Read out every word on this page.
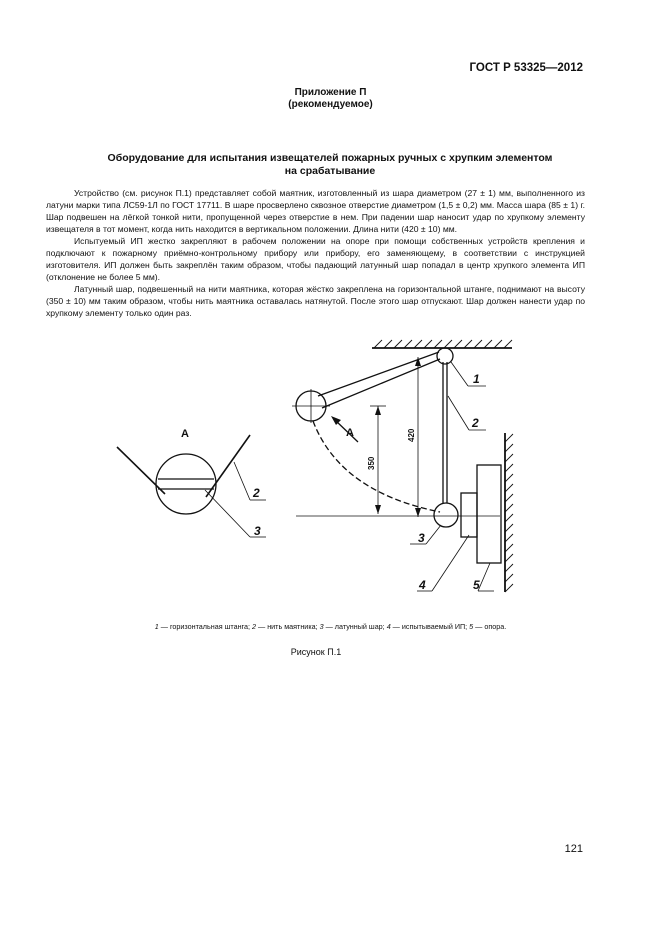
ГОСТ Р 53325—2012
Приложение П
(рекомендуемое)
Оборудование для испытания извещателей пожарных ручных с хрупким элементом
на срабатывание

Устройство (см. рисунок П.1) представляет собой маятник, изготовленный из шара диаметром (27 ± 1) мм, выполненного из латуни марки типа ЛС59-1Л по ГОСТ 17711. В шаре просверлено сквозное отверстие диаметром (1,5 ± 0,2) мм. Масса шара (85 ± 1) г. Шар подвешен на лёгкой тонкой нити, пропущенной через отверстие в нем. При падении шар наносит удар по хрупкому элементу извещателя в тот момент, когда нить находится в вертикальном положении. Длина нити (420 ± 10) мм.

Испытуемый ИП жестко закрепляют в рабочем положении на опоре при помощи собственных устройств крепления и подключают к пожарному приёмно-контрольному прибору или прибору, его заменяющему, в соответствии с инструкцией изготовителя. ИП должен быть закреплён таким образом, чтобы падающий латунный шар попадал в центр хрупкого элемента ИП (отклонение не более 5 мм).

Латунный шар, подвешенный на нити маятника, которая жёстко закреплена на горизонтальной штанге, поднимают на высоту (350 ± 10) мм таким образом, чтобы нить маятника оставалась натянутой. После этого шар отпускают. Шар должен нанести удар по хрупкому элементу только один раз.

А	А	420
350
1
2
3
4	5
2
3
1 — горизонтальная штанга; 2 — нить маятника; 3 — латунный шар; 4 — испытываемый ИП; 5 — опора.
Рисунок П.1
121
